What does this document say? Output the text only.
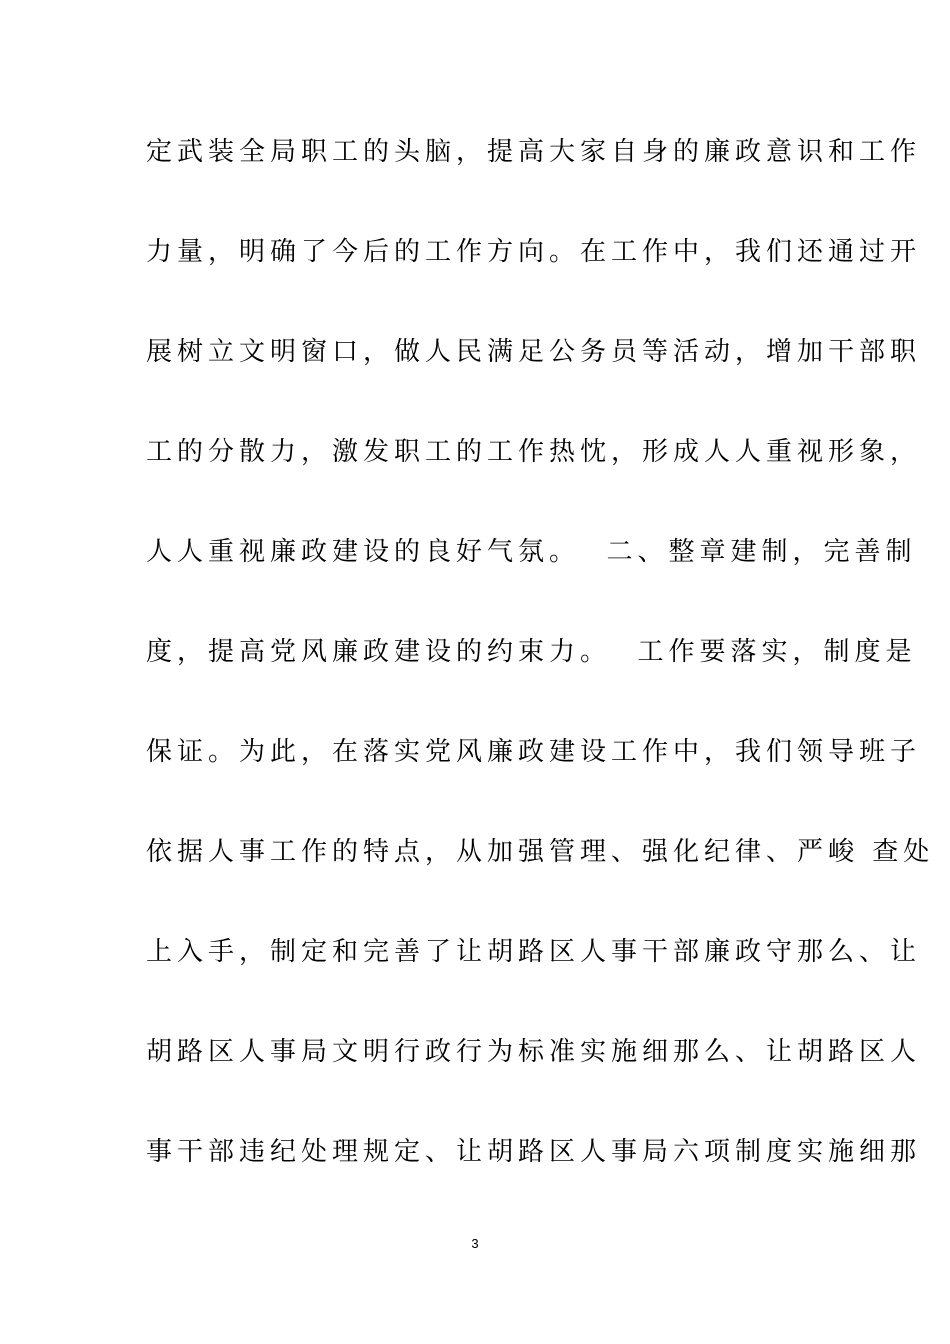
定武装全局职工的头脑，提高大家自身的廉政意识和工作
力量，明确了今后的工作方向。在工作中，我们还通过开
展树立文明窗口，做人民满足公务员等活动，增加干部职
工的分散力，激发职工的工作热忱，形成人人重视形象，
人人重视廉政建设的良好气氛。  二、整章建制，完善制
度，提高党风廉政建设的约束力。  工作要落实，制度是
保证。为此，在落实党风廉政建设工作中，我们领导班子
依据人事工作的特点，从加强管理、强化纪律、严峻 查处
上入手，制定和完善了让胡路区人事干部廉政守那么、让
胡路区人事局文明行政行为标准实施细那么、让胡路区人
事干部违纪处理规定、让胡路区人事局六项制度实施细那
3
